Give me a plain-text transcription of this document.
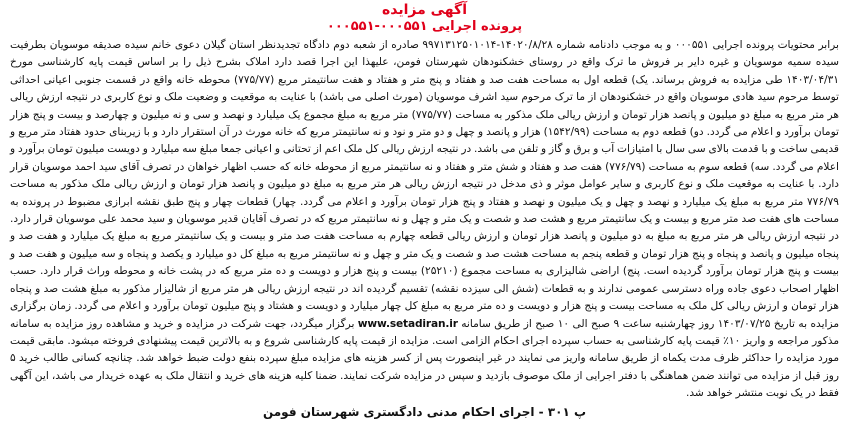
آگهی مزایده
پرونده اجرایی ۰۰۰۵۵۱-۰۰۰۵۵۱

برابر محتویات پرونده اجرایی ۰۰۰۵۵۱ و به موجب دادنامه شماره ۱۴۰۲۰/۸/۲۸-۹۹۷۱۳۱۲۵۰۱۰۱۴ صادره از شعبه دوم دادگاه تجدیدنظر استان گیلان دعوی خانم سیده صدیقه موسویان بطرفیت سیده سمیه موسویان و غیره دایر بر فروش ما ترک واقع در روستای خشکنودهان شهرستان فومن، علیهذا این اجرا قصد دارد املاک بشرح ذیل را بر اساس قیمت پایه کارشناسی مورخ ۱۴۰۳/۰۴/۳۱ طی مزایده به فروش برساند. یک) قطعه اول به مساحت هفت صد و هفتاد و پنج متر و هفتاد و هفت سانتیمتر مربع (۷۷۵/۷۷) محوطه خانه واقع در قسمت جنوبی اعیانی احداثی توسط مرحوم سید هادی موسویان واقع در خشکنودهان از ما ترک مرحوم سید اشرف موسویان (مورث اصلی می باشد) با عنایت به موقعیت و وضعیت ملک و نوع کاربری در نتیجه ارزش ریالی هر متر مربع به مبلغ دو میلیون و پانصد هزار تومان و ارزش ریالی ملک مذکور به مساحت (۷۷۵/۷۷) متر مربع به مبلغ مجموع یک میلیارد و نهصد و سی و نه میلیون و چهارصد و بیست و پنج هزار تومان برآورد و اعلام می گردد. دو) قطعه دوم به مساحت (۱۵۴۲/۹۹) هزار و پانصد و چهل و دو متر و نود و نه سانتیمتر مربع که خانه مورث در آن استقرار دارد و با زیربنای حدود هفتاد متر مربع و قدیمی ساخت و با قدمت بالای سی سال با امتیازات آب و برق و گاز و تلفن می باشد. در نتیجه ارزش ریالی کل ملک اعم از تحتانی و اعیانی جمعا مبلغ سه میلیارد و دویست میلیون تومان برآورد و اعلام می گردد. سه) قطعه سوم به مساحت (۷۷۶/۷۹) هفت صد و هفتاد و شش متر و هفتاد و نه سانتیمتر مربع از محوطه خانه که حسب اظهار خواهان در تصرف آقای سید احمد موسویان قرار دارد. با عنایت به موقعیت ملک و نوع کاربری و سایر عوامل موثر و ذی مدخل در نتیجه ارزش ریالی هر متر مربع به مبلغ دو میلیون و پانصد هزار تومان و ارزش ریالی ملک مذکور به مساحت ۷۷۶/۷۹ متر مربع به مبلغ یک میلیارد و نهصد و چهل و یک میلیون و نهصد و هفتاد و پنج هزار تومان برآورد و اعلام می گردد. چهار) قطعات چهار و پنج طبق نقشه ابرازی مضبوط در پرونده به مساحت های هفت صد متر مربع و بیست و یک سانتیمتر مربع و هشت صد و شصت و یک متر و چهل و نه سانتیمتر مربع که در تصرف آقایان قدیر موسویان و سید محمد علی موسویان قرار دارد. در نتیجه ارزش ریالی هر متر مربع به مبلغ به دو میلیون و پانصد هزار تومان و ارزش ریالی قطعه چهارم به مساحت هفت صد متر و بیست و یک سانتیمتر مربع به مبلغ یک میلیارد و هفت صد و پنجاه میلیون و پانصد و پنجاه و پنج هزار تومان و قطعه پنجم به مساحت هشت صد و شصت و یک متر و چهل و نه سانتیمتر مربع به مبلغ کل دو میلیارد و یکصد و پنجاه و سه میلیون و هفت صد و بیست و پنج هزار تومان برآورد گردیده است. پنج) اراضی شالیزاری به مساحت مجموع (۲۵۲۱۰) بیست و پنج هزار و دویست و ده متر مربع که در پشت خانه و محوطه وراث قرار دارد. حسب اظهار اصحاب دعوی جاده وراه دسترسی عمومی ندارند و به قطعات (شش الی سیزده نقشه) تقسیم گردیده اند در نتیجه ارزش ریالی هر متر مربع از شالیزار مذکور به مبلغ هشت صد و پنجاه هزار تومان و ارزش ریالی کل ملک به مساحت بیست و پنج هزار و دویست و ده متر مربع به مبلغ کل چهار میلیارد و دویست و هشتاد و پنج میلیون تومان برآورد و اعلام می گردد. زمان برگزاری مزایده به تاریخ ۱۴۰۳/۰۷/۲۵ روز چهارشنبه ساعت ۹ صبح الی ۱۰ صبح از طریق سامانه www.setadiran.ir برگزار میگردد، جهت شرکت در مزایده و خرید و مشاهده روز مزایده به سامانه مذکور مراجعه و واریز ۱۰٪ قیمت پایه کارشناسی به حساب سپرده اجرای احکام الزامی است. مزایده از قیمت پایه کارشناسی شروع و به بالاترین قیمت پیشنهادی فروخته میشود. مابقی قیمت مورد مزایده را حداکثر ظرف مدت یکماه از طریق سامانه واریز می نمایند در غیر اینصورت پس از کسر هزینه های مزایده مبلغ سپرده بنفع دولت ضبط خواهد شد. چنانچه کسانی طالب خرید ۵ روز قبل از مزایده می توانند ضمن هماهنگی با دفتر اجرایی از ملک موصوف بازدید و سپس در مزایده شرکت نمایند. ضمنا کلیه هزینه های خرید و انتقال ملک به عهده خریدار می باشد، این آگهی فقط در یک نوبت منتشر خواهد شد.

پ ۳۰۱ - اجرای احکام مدنی دادگستری شهرستان فومن
